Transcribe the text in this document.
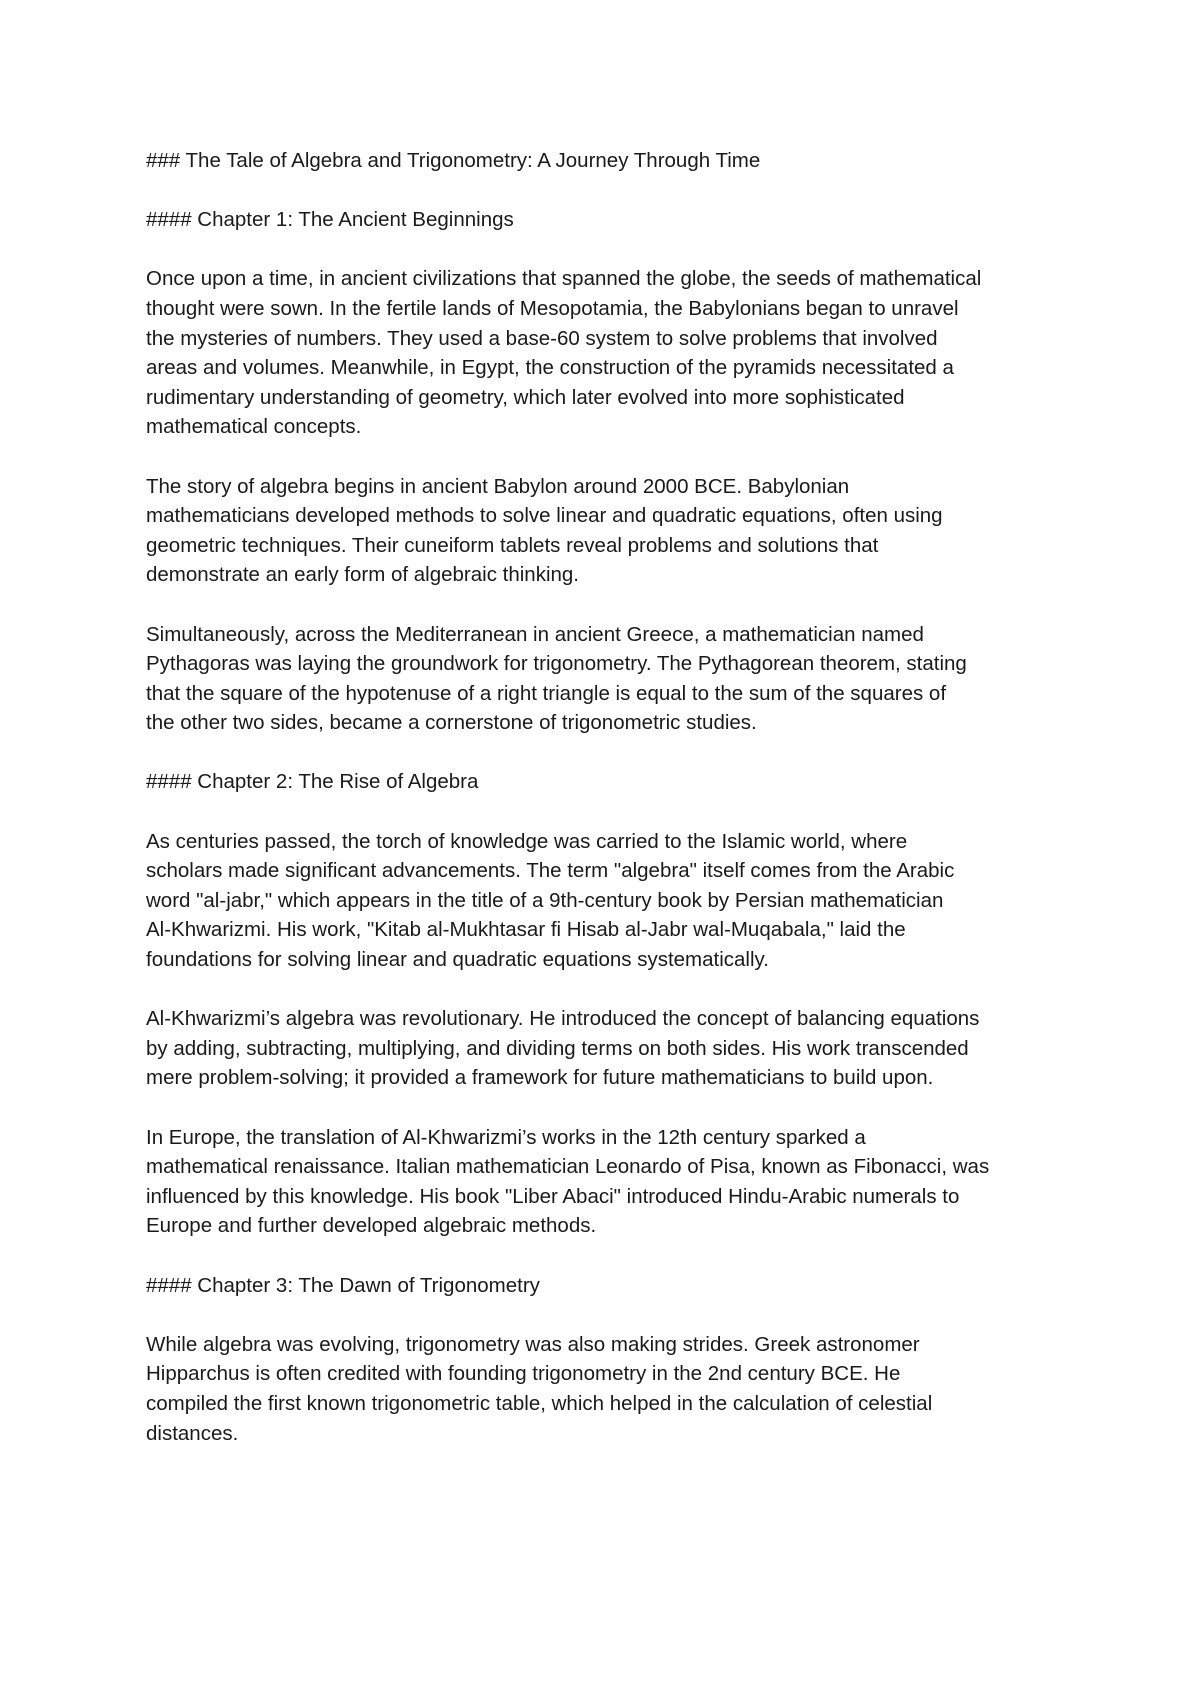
### The Tale of Algebra and Trigonometry: A Journey Through Time

#### Chapter 1: The Ancient Beginnings

Once upon a time, in ancient civilizations that spanned the globe, the seeds of mathematical
thought were sown. In the fertile lands of Mesopotamia, the Babylonians began to unravel
the mysteries of numbers. They used a base-60 system to solve problems that involved
areas and volumes. Meanwhile, in Egypt, the construction of the pyramids necessitated a
rudimentary understanding of geometry, which later evolved into more sophisticated
mathematical concepts.

The story of algebra begins in ancient Babylon around 2000 BCE. Babylonian
mathematicians developed methods to solve linear and quadratic equations, often using
geometric techniques. Their cuneiform tablets reveal problems and solutions that
demonstrate an early form of algebraic thinking.

Simultaneously, across the Mediterranean in ancient Greece, a mathematician named
Pythagoras was laying the groundwork for trigonometry. The Pythagorean theorem, stating
that the square of the hypotenuse of a right triangle is equal to the sum of the squares of
the other two sides, became a cornerstone of trigonometric studies.

#### Chapter 2: The Rise of Algebra

As centuries passed, the torch of knowledge was carried to the Islamic world, where
scholars made significant advancements. The term "algebra" itself comes from the Arabic
word "al-jabr," which appears in the title of a 9th-century book by Persian mathematician
Al-Khwarizmi. His work, "Kitab al-Mukhtasar fi Hisab al-Jabr wal-Muqabala," laid the
foundations for solving linear and quadratic equations systematically.

Al-Khwarizmi’s algebra was revolutionary. He introduced the concept of balancing equations
by adding, subtracting, multiplying, and dividing terms on both sides. His work transcended
mere problem-solving; it provided a framework for future mathematicians to build upon.

In Europe, the translation of Al-Khwarizmi’s works in the 12th century sparked a
mathematical renaissance. Italian mathematician Leonardo of Pisa, known as Fibonacci, was
influenced by this knowledge. His book "Liber Abaci" introduced Hindu-Arabic numerals to
Europe and further developed algebraic methods.

#### Chapter 3: The Dawn of Trigonometry

While algebra was evolving, trigonometry was also making strides. Greek astronomer
Hipparchus is often credited with founding trigonometry in the 2nd century BCE. He
compiled the first known trigonometric table, which helped in the calculation of celestial
distances.
